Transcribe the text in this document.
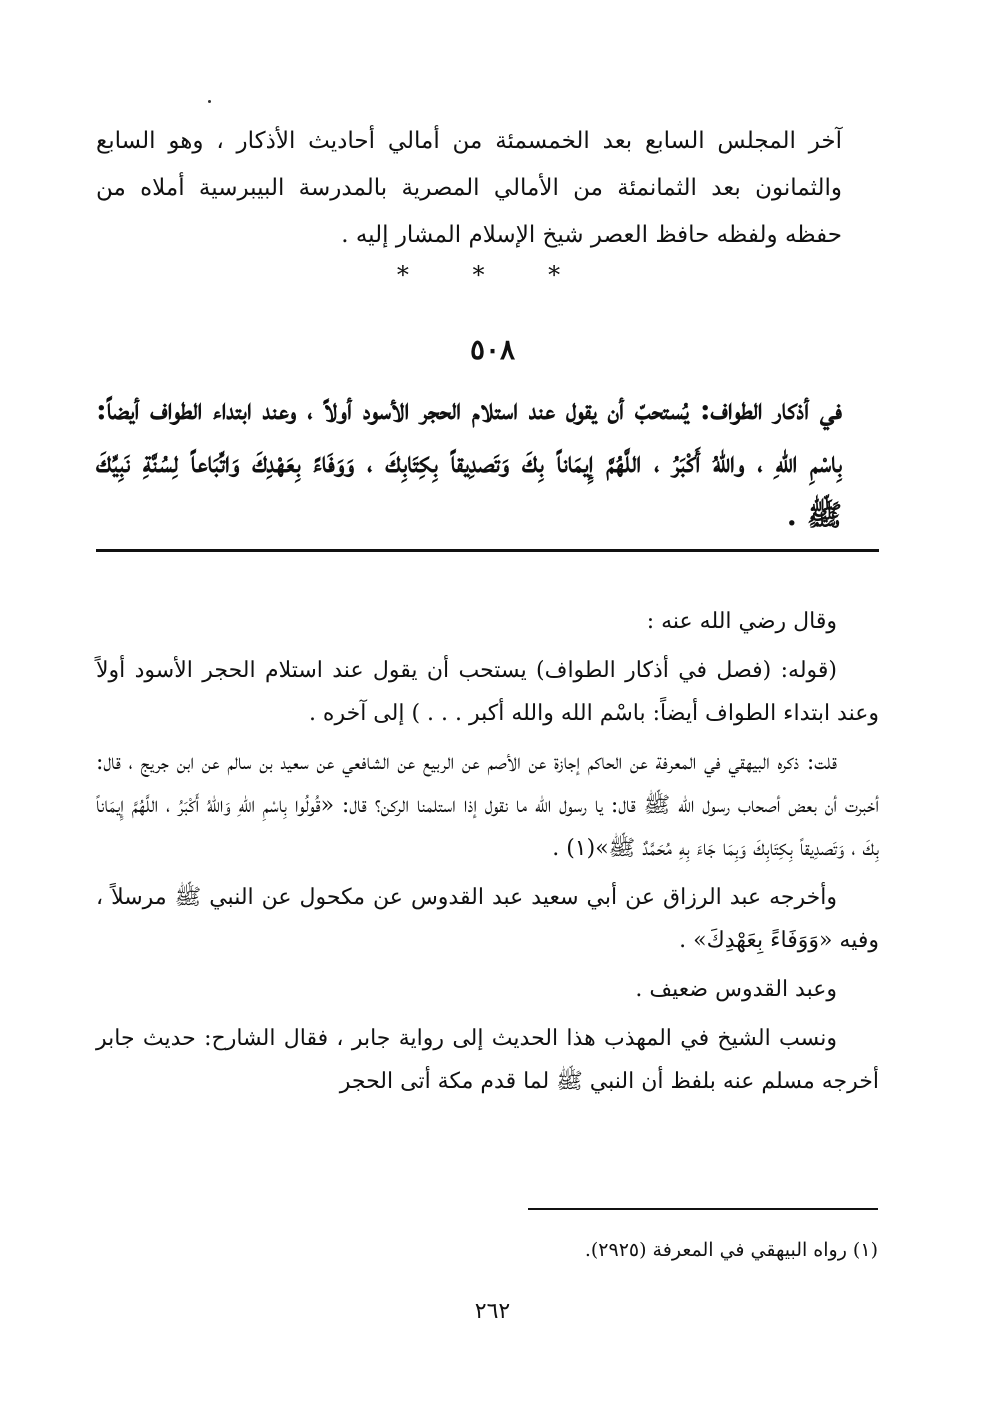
آخر المجلس السابع بعد الخمسمئة من أمالي أحاديث الأذكار ، وهو السابع والثمانون بعد الثمانمئة من الأمالي المصرية بالمدرسة البيبرسية أملاه من حفظه ولفظه حافظ العصر شيخ الإسلام المشار إليه .
* * *
٥٠٨
في أذكار الطواف: يُستحبّ أن يقول عند استلام الحجر الأسود أولاً ، وعند ابتداء الطواف أيضاً: بِاسْمِ اللهِ ، واللهُ أَكْبَرُ ، اللَّهُمَّ إِيمَاناً بِكَ وَتَصدِيقاً بِكِتَابِكَ ، وَوَفَاءً بِعَهْدِكَ وَاتِّبَاعاً لِسُنَّةِ نَبِيِّكَ ﷺ .

وقال رضي الله عنه :

(قوله: (فصل في أذكار الطواف) يستحب أن يقول عند استلام الحجر الأسود أولاً وعند ابتداء الطواف أيضاً: باسْم الله والله أكبر . . . ) إلى آخره .

قلت: ذكره البيهقي في المعرفة عن الحاكم إجازة عن الأصم عن الربيع عن الشافعي عن سعيد بن سالم عن ابن جريج ، قال: أخبرت أن بعض أصحاب رسول الله ﷺ قال: يا رسول الله ما نقول إذا استلمنا الركن؟ قال: «قُولُوا بِاسْمِ اللهِ وَاللهُ أَكْبَرُ ، اللَّهُمَّ إِيمَاناً بِكَ ، وَتَصدِيقاً بِكِتَابِكَ وَبِمَا جَاءَ بِهِ مُحَمَّدٌ ﷺ»(١) .

وأخرجه عبد الرزاق عن أبي سعيد عبد القدوس عن مكحول عن النبي ﷺ مرسلاً ، وفيه «وَوَفَاءً بِعَهْدِكَ» .

وعبد القدوس ضعيف .

ونسب الشيخ في المهذب هذا الحديث إلى رواية جابر ، فقال الشارح: حديث جابر أخرجه مسلم عنه بلفظ أن النبي ﷺ لما قدم مكة أتى الحجر

(١) رواه البيهقي في المعرفة (٢٩٢٥).
٢٦٢
